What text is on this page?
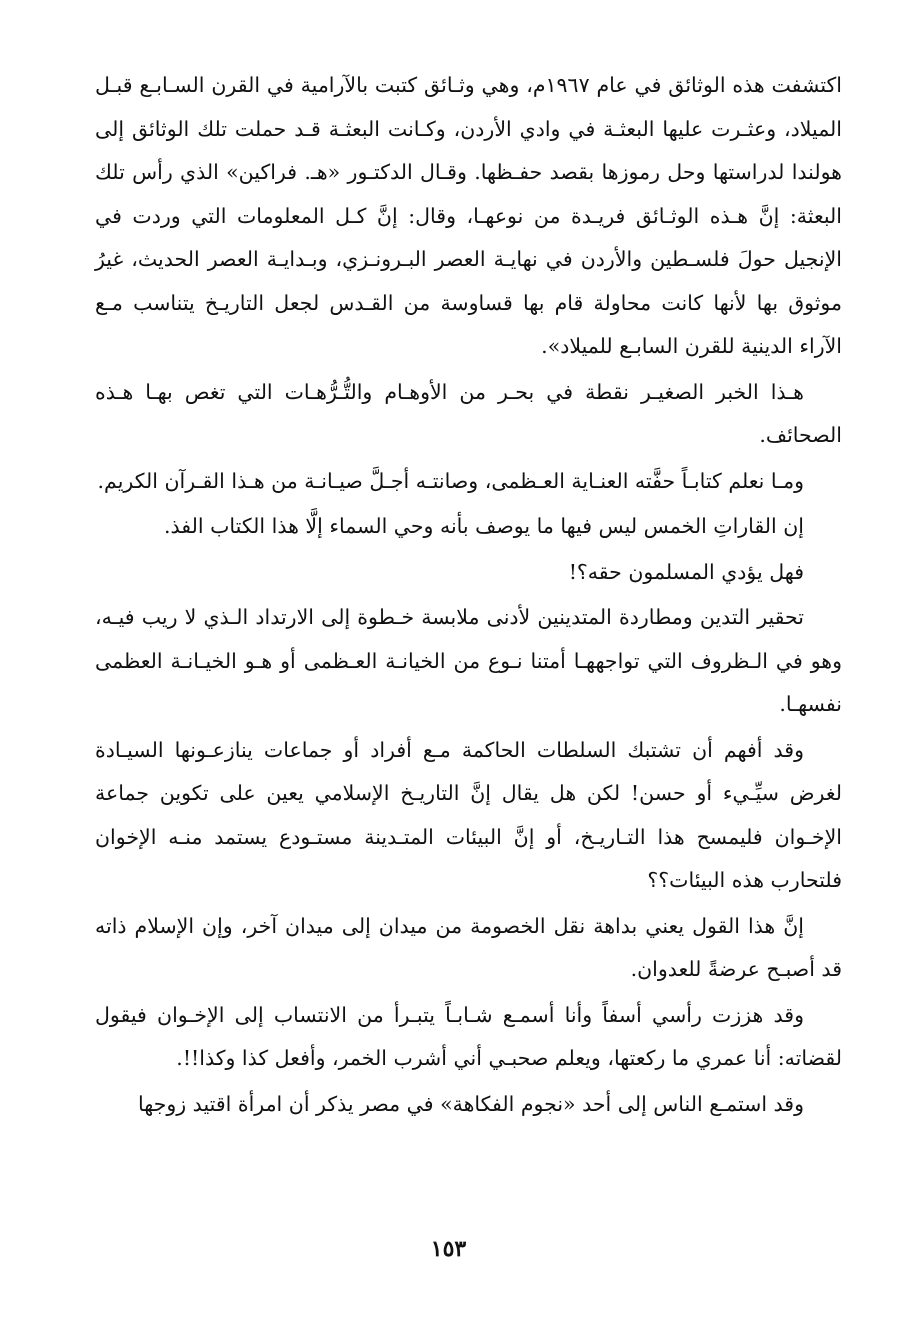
اكتشفت هذه الوثائق في عام ١٩٦٧م، وهي وثـائق كتبت بالآرامية في القرن السـابـع قبـل الميلاد، وعثـرت عليها البعثـة في وادي الأردن، وكـانت البعثـة قـد حملت تلك الوثائق إلى هولندا لدراستها وحل رموزها بقصد حفـظها. وقـال الدكتـور «هـ. فراكين» الذي رأس تلك البعثة: إنَّ هـذه الوثـائق فريـدة من نوعهـا، وقال: إنَّ كـل المعلومات التي وردت في الإنجيل حولَ فلسـطين والأردن في نهايـة العصر البـرونـزي، وبـدايـة العصر الحديث، غيرُ موثوق بها لأنها كانت محاولة قام بها قساوسة من القـدس لجعل التاريـخ يتناسب مـع الآراء الدينية للقرن السابـع للميلاد».

هـذا الخبر الصغيـر نقطة في بحـر من الأوهـام والتُّـرُّهـات التي تغص بهـا هـذه الصحائف.

ومـا نعلم كتابـاً حفَّته العنـاية العـظمى، وصانتـه أجـلَّ صيـانـة من هـذا القـرآن الكريم.

إن القاراتِ الخمس ليس فيها ما يوصف بأنه وحي السماء إلَّا هذا الكتاب الفذ.

فهل يؤدي المسلمون حقه؟!

تحقير التدين ومطاردة المتدينين لأدنى ملابسة خـطوة إلى الارتداد الـذي لا ريب فيـه، وهو في الـظروف التي تواجههـا أمتنا نـوع من الخيانـة العـظمى أو هـو الخيـانـة العظمى نفسهـا.

وقد أفهم أن تشتبك السلطات الحاكمة مـع أفراد أو جماعات ينازعـونها السيـادة لغرض سيِّـيء أو حسن! لكن هل يقال إنَّ التاريـخ الإسلامي يعين على تكوين جماعة الإخـوان فليمسح هذا التـاريـخ، أو إنَّ البيئات المتـدينة مستـودع يستمد منـه الإخوان فلتحارب هذه البيئات؟؟

إنَّ هذا القول يعني بداهة نقل الخصومة من ميدان إلى ميدان آخر، وإن الإسلام ذاته قد أصبـح عرضةً للعدوان.

وقد هززت رأسي أسفاً وأنا أسمـع شـابـاً يتبـرأ من الانتساب إلى الإخـوان فيقول لقضاته: أنا عمري ما ركعتها، ويعلم صحبـي أني أشرب الخمر، وأفعل كذا وكذا!!.

وقد استمـع الناس إلى أحد «نجوم الفكاهة» في مصر يذكر أن امرأة اقتيد زوجها

١٥٣
